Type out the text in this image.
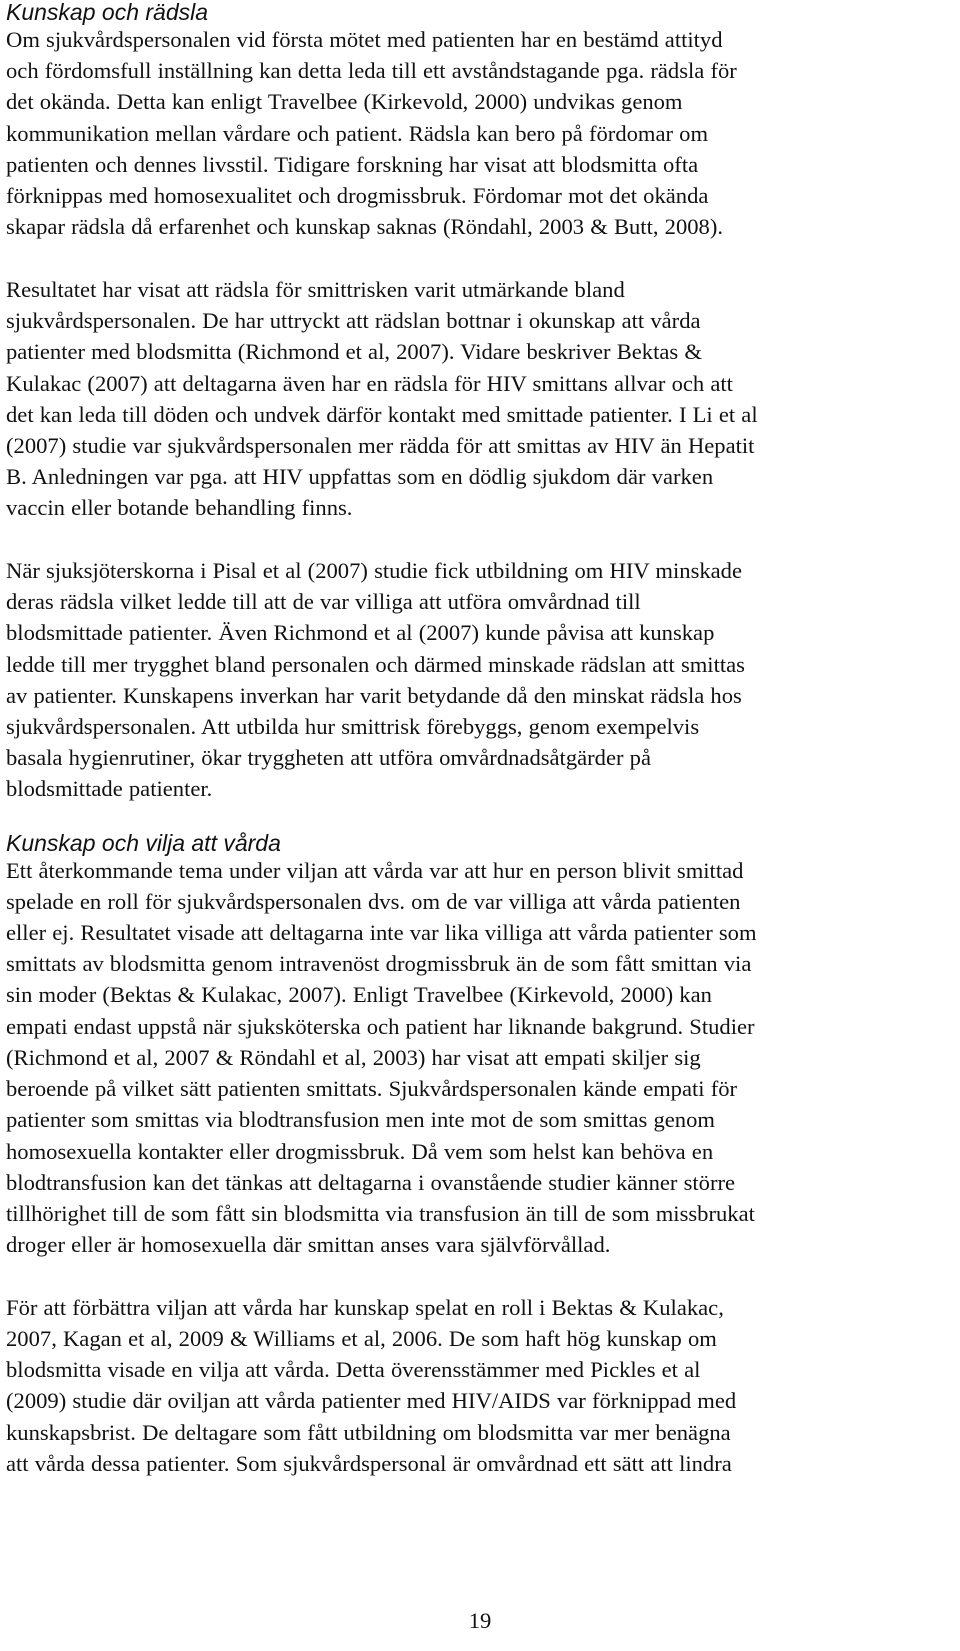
Kunskap och rädsla

Om sjukvårdspersonalen vid första mötet med patienten har en bestämd attityd
och fördomsfull inställning kan detta leda till ett avståndstagande pga. rädsla för
det okända. Detta kan enligt Travelbee (Kirkevold, 2000) undvikas genom
kommunikation mellan vårdare och patient. Rädsla kan bero på fördomar om
patienten och dennes livsstil. Tidigare forskning har visat att blodsmitta ofta
förknippas med homosexualitet och drogmissbruk. Fördomar mot det okända
skapar rädsla då erfarenhet och kunskap saknas (Röndahl, 2003 & Butt, 2008).

Resultatet har visat att rädsla för smittrisken varit utmärkande bland
sjukvårdspersonalen. De har uttryckt att rädslan bottnar i okunskap att vårda
patienter med blodsmitta (Richmond et al, 2007). Vidare beskriver Bektas &
Kulakac (2007) att deltagarna även har en rädsla för HIV smittans allvar och att
det kan leda till döden och undvek därför kontakt med smittade patienter. I Li et al
(2007) studie var sjukvårdspersonalen mer rädda för att smittas av HIV än Hepatit
B. Anledningen var pga. att HIV uppfattas som en dödlig sjukdom där varken
vaccin eller botande behandling finns.

När sjuksjöterskorna i Pisal et al (2007) studie fick utbildning om HIV minskade
deras rädsla vilket ledde till att de var villiga att utföra omvårdnad till
blodsmittade patienter. Även Richmond et al (2007) kunde påvisa att kunskap
ledde till mer trygghet bland personalen och därmed minskade rädslan att smittas
av patienter. Kunskapens inverkan har varit betydande då den minskat rädsla hos
sjukvårdspersonalen. Att utbilda hur smittrisk förebyggs, genom exempelvis
basala hygienrutiner, ökar tryggheten att utföra omvårdnadsåtgärder på
blodsmittade patienter.

Kunskap och vilja att vårda

Ett återkommande tema under viljan att vårda var att hur en person blivit smittad
spelade en roll för sjukvårdspersonalen dvs. om de var villiga att vårda patienten
eller ej. Resultatet visade att deltagarna inte var lika villiga att vårda patienter som
smittats av blodsmitta genom intravenöst drogmissbruk än de som fått smittan via
sin moder (Bektas & Kulakac, 2007). Enligt Travelbee (Kirkevold, 2000) kan
empati endast uppstå när sjuksköterska och patient har liknande bakgrund. Studier
(Richmond et al, 2007 & Röndahl et al, 2003) har visat att empati skiljer sig
beroende på vilket sätt patienten smittats. Sjukvårdspersonalen kände empati för
patienter som smittas via blodtransfusion men inte mot de som smittas genom
homosexuella kontakter eller drogmissbruk. Då vem som helst kan behöva en
blodtransfusion kan det tänkas att deltagarna i ovanstående studier känner större
tillhörighet till de som fått sin blodsmitta via transfusion än till de som missbrukat
droger eller är homosexuella där smittan anses vara självförvållad.

För att förbättra viljan att vårda har kunskap spelat en roll i Bektas & Kulakac,
2007, Kagan et al, 2009 & Williams et al, 2006. De som haft hög kunskap om
blodsmitta visade en vilja att vårda. Detta överensstämmer med Pickles et al
(2009) studie där oviljan att vårda patienter med HIV/AIDS var förknippad med
kunskapsbrist. De deltagare som fått utbildning om blodsmitta var mer benägna
att vårda dessa patienter. Som sjukvårdspersonal är omvårdnad ett sätt att lindra

19
